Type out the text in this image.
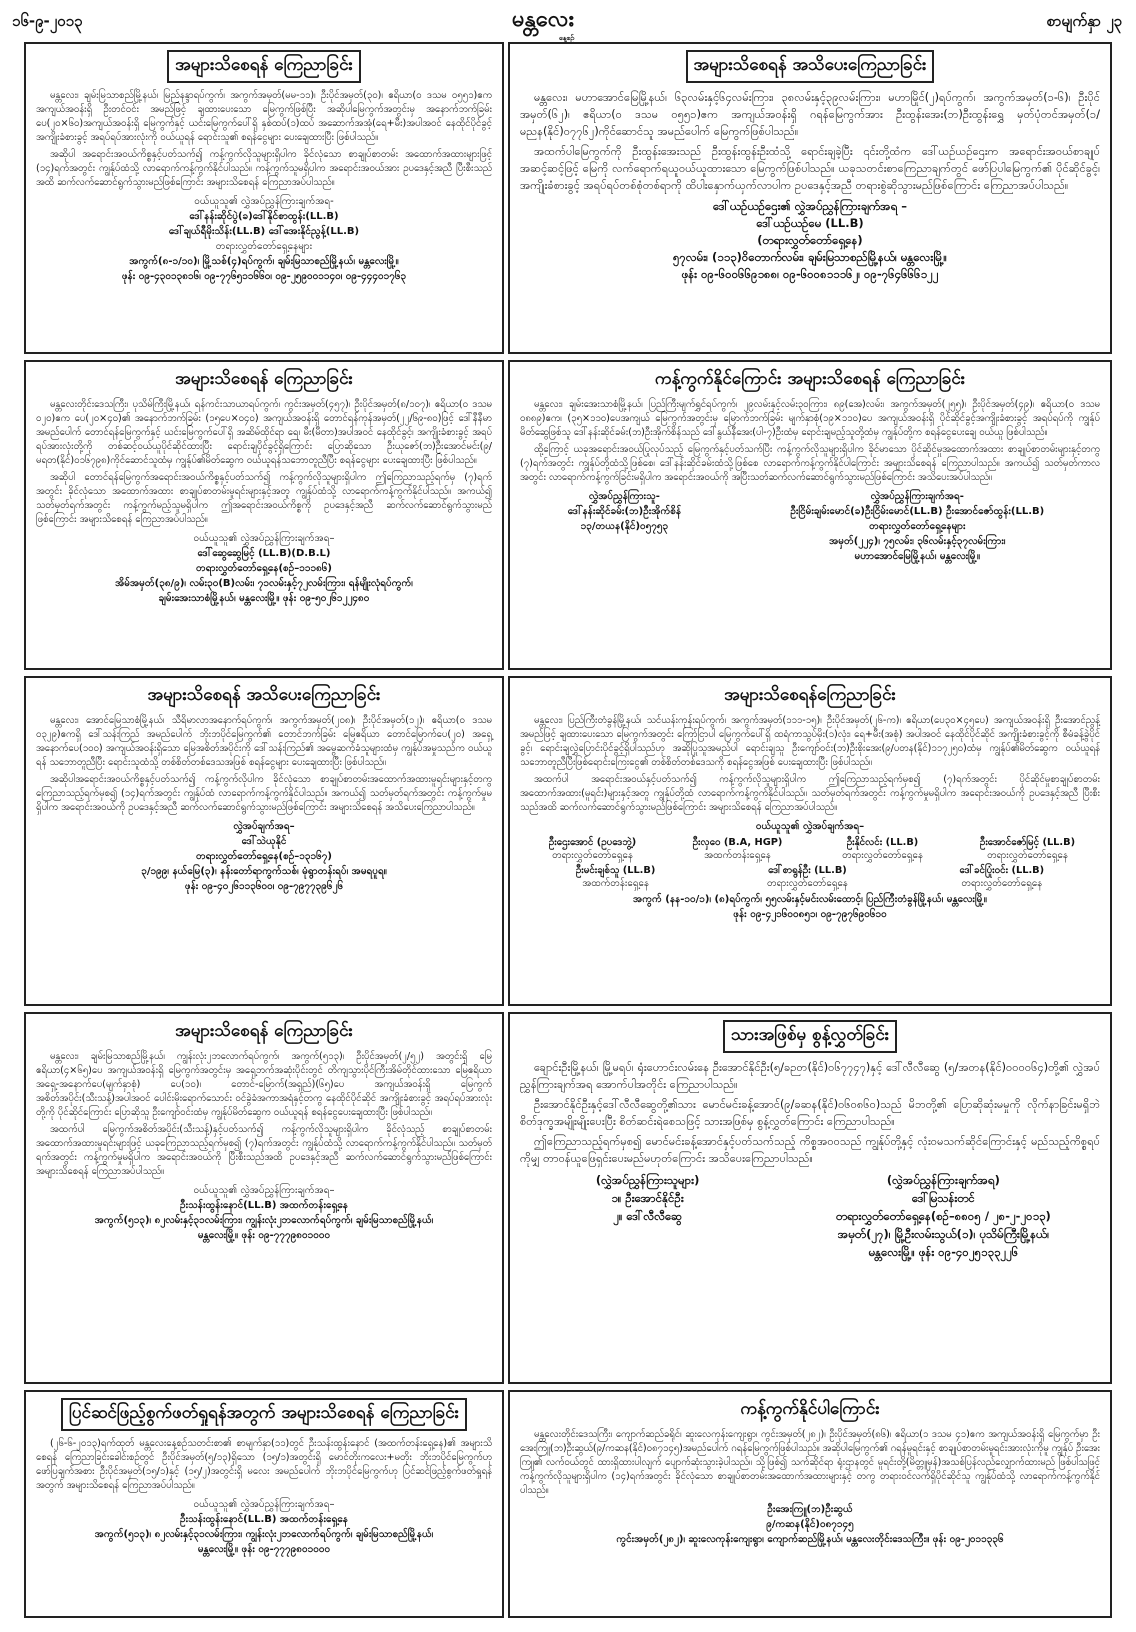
၁၆-၉-၂၀၁၃	မန္တလေး
နေ့စဉ်
စာမျက်နှာ ၂၃
အများသိစေရန် ကြေညာခြင်း

မန္တလေး၊ ချမ်းမြသာစည်မြို့နယ်၊ မြည်နန္ဒာရပ်ကွက်၊ အကွက်အမှတ်(မမ-၁၁)၊ ဦးပိုင်အမှတ်(၃၀)၊ ဧရိယာ(၀ ဒသမ ၀၅၅၁)ဧက အကျယ်အဝန်းရှိ ဦးတင်ဝင်း အမည်ဖြင့် ချထားပေးသော မြေကွက်ဖြစ်ပြီး အဆိုပါမြေကွက်အတွင်းမှ အနောက်ဘက်ခြမ်း ပေ(၂၀×၆၀)အကျယ်အဝန်းရှိ မြေကွက်နှင့် ယင်းမြေကွက်ပေါ်ရှိ နှစ်ထပ်(၁)ထပ် အဆောက်အအုံ(ရေ+မီး)အပါအဝင် နေထိုင်ပိုင်ခွင့်အကျိုးခံစားခွင့် အရပ်ရပ်အားလုံးကို ဝယ်ယူရန် ရောင်းသူ၏ စရန်ငွေများ ပေးချေထားပြီး ဖြစ်ပါသည်။

အဆိုပါ အရောင်းအဝယ်ကိစ္စနှင့်ပတ်သက်၍ ကန့်ကွက်လိုသူများရှိပါက ခိုင်လုံသော စာချုပ်စာတမ်း အထောက်အထားများဖြင့် (၁၄)ရက်အတွင်း ကျွန်ုပ်ထံသို့ လာရောက်ကန့်ကွက်နိုင်ပါသည်။ ကန့်ကွက်သူမရှိပါက အရောင်းအဝယ်အား ဥပဒေနှင့်အညီ ပြီးစီးသည်အထိ ဆက်လက်ဆောင်ရွက်သွားမည်ဖြစ်ကြောင်း အများသိစေရန် ကြေညာအပ်ပါသည်။

ဝယ်ယူသူ၏ လွှဲအပ်ညွှန်ကြားချက်အရ-
ဒေါ်နန်းဆိုင်ပွဲ(ခ)ဒေါ်နိုင်စာထွန်း(LL.B)
ဒေါ်ချယ်ရီမိုးသိန်း(LL.B) ဒေါ်အေးနိုင်ညွန့်(LL.B)
တရားလွှတ်တော်ရှေ့နေများ
အကွက်(၈-၁/၁၀)၊ မြို့သစ်(၄)ရပ်ကွက်၊ ချမ်းမြသာစည်မြို့နယ်၊ မန္တလေးမြို့။
ဖုန်း ၀၉-၄၃၀၁၃၈၁၆၊ ၀၉-၇၇၆၅၁၁၆၆၀၊ ၀၉-၂၅၉၀၀၁၁၄၀၊ ၀၉-၄၄၄၀၁၇၆၃
အများသိစေရန် အသိပေးကြေညာခြင်း

မန္တလေး၊ မဟာအောင်မြေမြို့နယ်၊ ၆၃လမ်းနှင့်၆၄လမ်းကြား၊ ၃၈လမ်းနှင့်၃၉လမ်းကြား၊ မဟာမြိုင်(၂)ရပ်ကွက်၊ အကွက်အမှတ်(၁-၆)၊ ဦးပိုင်အမှတ်(၆၂)၊ ဧရိယာ(၀ ဒသမ ၀၅၅၁)ဧက အကျယ်အဝန်းရှိ ဂရန်မြေကွက်အား ဦးထွန်းအေး(ဘ)ဦးထွန်းရွှေ မှတ်ပုံတင်အမှတ်(၁/မညန(နိုင်)၀၇၇၆၂)ကိုင်ဆောင်သူ အမည်ပေါက် မြေကွက်ဖြစ်ပါသည်။

အထက်ပါမြေကွက်ကို ဦးထွန်းအေးသည် ဦးထွန်းထွန်းဦးထံသို့ ရောင်းချခဲ့ပြီး ၎င်းတို့ထံက ဒေါ်ယဉ်ယဉ်ဌေးက အရောင်းအဝယ်စာချုပ်အဆင့်ဆင့်ဖြင့် မြေကို လက်ရောက်ရယူဝယ်ယူထားသော မြေကွက်ဖြစ်ပါသည်။ ယခုသတင်းစာကြေညာချက်တွင် ဖော်ပြပါမြေကွက်၏ ပိုင်ဆိုင်ခွင့်၊ အကျိုးခံစားခွင့် အရပ်ရပ်တစ်စုံတစ်ရာကို ထိပါးနှောက်ယှက်လာပါက ဥပဒေနှင့်အညီ တရားစွဲဆိုသွားမည်ဖြစ်ကြောင်း ကြေညာအပ်ပါသည်။

ဒေါ်ယဉ်ယဉ်ဌေး၏ လွှဲအပ်ညွှန်ကြားချက်အရ –
ဒေါ်ယဉ်ယဉ်မေ (LL.B)
(တရားလွှတ်တော်ရှေ့နေ)
၅၇လမ်း၊ (၁၁၃)ဝိတောက်လမ်း၊ ချမ်းမြသာစည်မြို့နယ်၊ မန္တလေးမြို့။
ဖုန်း ၀၉-၆၀၀၆၆၉၁၈၈၊ ၀၉-၆၀၀၈၁၁၁၆၂၊ ၀၉-၇၆၄၆၆၆၁၂၂
အများသိစေရန် ကြေညာခြင်း

မန္တလေးတိုင်းဒေသကြီး၊ ပုသိမ်ကြီးမြို့နယ်၊ ရန်ကင်းသာယာရပ်ကွက်၊ ကွင်းအမှတ်(၄၅၇)၊ ဦးပိုင်အမှတ်(၈/၁၀၇)၊ ဧရိယာ(၀ ဒသမ ၀၂၀)ဧက ပေ(၂၀×၄၀)၏ အနောက်ဘက်ခြမ်း (၁၅ပေ×၀၄၀) အကျယ်အဝန်းရှိ တောင်ရန်ကုန်အမှတ်(၂၂/၆၉-၈၀)ဖြင့် ဒေါ်နီနီမာ အမည်ပေါက် တောင်ရန်မြေကွက်နှင့် ယင်းမြေကွက်ပေါ်ရှိ အဆိမ်ထိုင်ရာ ရေ၊ မီး(မီတာ)အပါအဝင် နေထိုင်ခွင့်၊ အကျိုးခံစားခွင့် အရပ်ရပ်အားလုံးတို့ကို တစ်ဆင့်ဝယ်ယူပိုင်ဆိုင်ထားပြီး ရောင်းချပိုင်ခွင့်ရှိကြောင်း ပြောဆိုသော ဦးယုဇော်(ဘ)ဦးအောင်မင်း(၉/မရတ(နိုင်)၀၁၆၇၉၈)ကိုင်ဆောင်သူထံမှ ကျွန်ုပ်၏မိတ်ဆွေက ဝယ်ယူရန်သဘောတူညီပြီး စရန်ငွေများ ပေးချေထားပြီး ဖြစ်ပါသည်။

အဆိုပါ တောင်ရန်မြေကွက်အရောင်းအဝယ်ကိစ္စနှင့်ပတ်သက်၍ ကန့်ကွက်လိုသူများရှိပါက ဤကြေညာသည့်ရက်မှ (၇)ရက်အတွင်း ခိုင်လုံသော အထောက်အထား စာချုပ်စာတမ်းမူရင်းများနှင့်အတူ ကျွန်ုပ်ထံသို့ လာရောက်ကန့်ကွက်နိုင်ပါသည်။ အကယ်၍ သတ်မှတ်ရက်အတွင်း ကန့်ကွက်မည့်သူမရှိပါက ဤအရောင်းအဝယ်ကိစ္စကို ဥပဒေနှင့်အညီ ဆက်လက်ဆောင်ရွက်သွားမည်ဖြစ်ကြောင်း အများသိစေရန် ကြေညာအပ်ပါသည်။

ဝယ်ယူသူ၏ လွှဲအပ်ညွှန်ကြားချက်အရ–
ဒေါ်ဆွေဆွေမြင့် (LL.B)(D.B.L)
တရားလွှတ်တော်ရှေ့နေ(စဉ်–၁၁၁၈၆)
အိမ်အမှတ်(၃၈/၉)၊ လမ်း၃၀(B)လမ်း၊ ၇၁လမ်းနှင့်၇၂လမ်းကြား၊ ရန်မျိုးလုံရပ်ကွက်၊
ချမ်းအေးသာစံမြို့နယ်၊ မန္တလေးမြို့။ ဖုန်း ၀၉-၅၀၂၆၁၂၂၄၈၀
ကန့်ကွက်နိုင်ကြောင်း အများသိစေရန် ကြေညာခြင်း

မန္တလေး၊ ချမ်းအေးသာစံမြို့နယ်၊ ပြည်ကြီးမျက်ရွှင်ရပ်ကွက်၊ ၂၉လမ်းနှင့်လမ်း၃၀ကြား၊ ၈၉(အေ)လမ်း၊ အကွက်အမှတ်(၂၅၅)၊ ဦးပိုင်အမှတ်(၄၉)၊ ဧရိယာ(၀ ဒသမ ၀၈၈၉)ဧက၊ (၃၅×၁၁၀)ပေအကျယ် မြေကွက်အတွင်းမှ မြောက်ဘက်ခြမ်း မျက်နှာစုံ(၁၉×၁၁၀)ပေ အကျယ်အဝန်းရှိ ပိုင်ဆိုင်ခွင့်အကျိုးခံစားခွင့် အရပ်ရပ်ကို ကျွန်ုပ်မိတ်ဆွေဖြစ်သူ ဒေါ်နန်းဆိုင်ခမ်း(ဘ)ဦးအိုက်စိန်သည် ဒေါ်နွယ်နီအေး(ပါ-၇)ဦးထံမှ ရောင်းချမည့်သူတို့ထံမှ ကျွန်ုပ်တို့က စရန်ငွေပေးချေ ဝယ်ယူ ဖြစ်ပါသည်။

ထို့ကြောင့် ယခုအရောင်းအဝယ်ပြုလုပ်သည့် မြေကွက်နှင့်ပတ်သက်ပြီး ကန့်ကွက်လိုသူများရှိပါက ခိုင်မာသော ပိုင်ဆိုင်မှုအထောက်အထား စာချုပ်စာတမ်းများနှင့်တကွ (၇)ရက်အတွင်း ကျွန်ုပ်တို့ထံသို့ဖြစ်စေ၊ ဒေါ်နန်းဆိုင်ခမ်းထံသို့ဖြစ်စေ လာရောက်ကန့်ကွက်နိုင်ပါကြောင်း အများသိစေရန် ကြေညာပါသည်။ အကယ်၍ သတ်မှတ်ကာလအတွင်း လာရောက်ကန့်ကွက်ခြင်းမရှိပါက အရောင်းအဝယ်ကို အပြီးသတ်ဆက်လက်ဆောင်ရွက်သွားမည်ဖြစ်ကြောင်း အသိပေးအပ်ပါသည်။

လွှဲအပ်ညွှန်ကြားသူ-
ဒေါ်နန်းဆိုင်ခမ်း(ဘ)ဦးအိုက်စိန်
၁၃/တယန(နိုင်)၀၅၇၅၃
လွှဲအပ်ညွှန်ကြားချက်အရ-
ဦးငြိမ်းချမ်းမောင်(ခ)ဦးငြိမ်းမောင်(LL.B) ဦးအောင်ဇော်ထွန်း(LL.B)
တရားလွှတ်တော်ရှေ့နေများ
အမှတ်(၂၂၄)၊ ၇၅လမ်း၊ ၃၆လမ်းနှင့်၃၇လမ်းကြား၊
မဟာအောင်မြေမြို့နယ်၊ မန္တလေးမြို့။
အများသိစေရန် အသိပေးကြေညာခြင်း

မန္တလေး၊ အောင်မြေသာစံမြို့နယ်၊ သီရိမာလာအနောက်ရပ်ကွက်၊ အကွက်အမှတ်(၂၀၈)၊ ဦးပိုင်အမှတ်(၁၂)၊ ဧရိယာ(၀ ဒသမ ၀၃၂၉)ဧကရှိ ဒေါ်သန်းကြည် အမည်ပေါက် ဘိုးဘပိုင်မြေကွက်၏ တောင်ဘက်ခြမ်း မြေဧရိယာ တောင်မြောက်ပေ(၂၀) အရှေ့အနောက်ပေ(၁၀၀) အကျယ်အဝန်းရှိသော မြေအစိတ်အပိုင်းကို ဒေါ်သန်းကြည်၏ အမွေဆက်ခံသူများထံမှ ကျွန်ုပ်အမှုသည်က ဝယ်ယူရန် သဘောတူညီပြီး ရောင်းသူထံသို့ တစ်စိတ်တစ်ဒေသအဖြစ် စရန်ငွေများ ပေးချေထားပြီး ဖြစ်ပါသည်။

အဆိုပါအရောင်းအဝယ်ကိစ္စနှင့်ပတ်သက်၍ ကန့်ကွက်လိုပါက ခိုင်လုံသော စာချုပ်စာတမ်းအထောက်အထားမူရင်းများနှင့်တကွ ကြေညာသည့်ရက်မှစ၍ (၁၄)ရက်အတွင်း ကျွန်ုပ်ထံ လာရောက်ကန့်ကွက်နိုင်ပါသည်။ အကယ်၍ သတ်မှတ်ရက်အတွင်း ကန့်ကွက်မှုမရှိပါက အရောင်းအဝယ်ကို ဥပဒေနှင့်အညီ ဆက်လက်ဆောင်ရွက်သွားမည်ဖြစ်ကြောင်း အများသိစေရန် အသိပေးကြေညာပါသည်။

လွှဲအပ်ချက်အရ–
ဒေါ်သဲယုနိုင်
တရားလွှတ်တော်ရှေ့နေ(စဉ်–၁၃၁၆၇)
၃/၁၉၉၊ နယ်မြေ(၃)၊ နန်းတော်ရာကွက်သစ်၊ မုံရွာတန်းရပ်၊ အမရပူရ။
ဖုန်း ၀၉-၄၀၂၆၁၁၃၆၀၀၊ ၀၉-၇၉၇၇၃၉၆၂၆
အများသိစေရန်ကြေညာခြင်း

မန္တလေး၊ ပြည်ကြီးတံခွန်မြို့နယ်၊ သင်ယန်းကုန်းရပ်ကွက်၊ အကွက်အမှတ်(၁၁၁-၁၅)၊ ဦးပိုင်အမှတ်(၂၆-က)၊ ဧရိယာ(ပေ၃၀×၄၅ပေ) အကျယ်အဝန်းရှိ ဦးအောင်ညွန့် အမည်ဖြင့် ချထားပေးသော မြေကွက်အတွင်း ကြော်ငြာပါ မြေကွက်ပေါ်ရှိ ထရံကာသွပ်မိုး(၁)လုံး၊ ရေ+မီး(အစုံ) အပါအဝင် နေထိုင်ပိုင်ဆိုင် အကျိုးခံစားခွင့်ကို စီမံခန့်ခွဲပိုင်ခွင့်၊ ရောင်းချလွှဲပြောင်းပိုင်ခွင့်ရှိပါသည်ဟု အဆိုပြုသူအမည်ပါ ရောင်းချသူ ဦးကျော်ဝင်း(ဘ)ဦးစိုးအေး(၉/ပတန(နိုင်)၁၁၇၂၅၀)ထံမှ ကျွန်ုပ်၏မိတ်ဆွေက ဝယ်ယူရန် သဘောတူညီပြီးဖြစ်ရောင်းကြေးငွေ၏ တစ်စိတ်တစ်ဒေသကို စရန်ငွေအဖြစ် ပေးချေထားပြီး ဖြစ်ပါသည်။

အထက်ပါ အရောင်းအဝယ်နှင့်ပတ်သက်၍ ကန့်ကွက်လိုသူများရှိပါက ဤကြေညာသည့်ရက်မှစ၍ (၇)ရက်အတွင်း ပိုင်ဆိုင်မှုစာချုပ်စာတမ်း အထောက်အထား(မူရင်း)များနှင့်အတူ ကျွန်ုပ်တို့ထံ လာရောက်ကန့်ကွက်နိုင်ပါသည်။ သတ်မှတ်ရက်အတွင်း ကန့်ကွက်မှုမရှိပါက အရောင်းအဝယ်ကို ဥပဒေနှင့်အညီ ပြီးစီးသည်အထိ ဆက်လက်ဆောင်ရွက်သွားမည်ဖြစ်ကြောင်း အများသိစေရန် ကြေညာအပ်ပါသည်။

ဝယ်ယူသူ၏ လွှဲအပ်ချက်အရ–
ဦးဌေးအောင် (ဥပဒေဘွဲ့)
တရားလွှတ်တော်ရှေ့နေ
ဦးလှဝေ (B.A, HGP)
အထက်တန်းရှေ့နေ
ဦးနိုင်လင်း (LL.B)
တရားလွှတ်တော်ရှေ့နေ
ဦးအောင်ဇော်မြင့် (LL.B)
တရားလွှတ်တော်ရှေ့နေ
ဦးမင်းချစ်သူ (LL.B)
အထက်တန်းရှေ့နေ
ဒေါ်စာရွန်ဦး (LL.B)
တရားလွှတ်တော်ရှေ့နေ
ဒေါ်ခင်ပြုံးဝင်း (LL.B)
တရားလွှတ်တော်ရှေ့နေ
အကွက် (နန-၁၀/၁)၊ (၈)ရပ်ကွက်၊ ၅၅လမ်းနှင့်မင်းလမ်းထောင့်၊ ပြည်ကြီးတံခွန်မြို့နယ်၊ မန္တလေးမြို့။
ဖုန်း ၀၉-၄၂၁၆၀၀၈၅၁၊ ၀၉-၇၉၇၆၉၀၆၁၀
အများသိစေရန် ကြေညာခြင်း

မန္တလေး၊ ချမ်းမြသာစည်မြို့နယ်၊ ကျွန်းလုံး၂ဘလောက်ရပ်ကွက်၊ အကွက်(၅၁၃)၊ ဦးပိုင်အမှတ်(၂/၅၂) အတွင်းရှိ မြေဧရိယာ(၄×၆၅)ပေ အကျယ်အဝန်းရှိ မြေကွက်အတွင်းမှ အရှေ့ဘက်အဆုံးပိုင်းတွင် တိကျသွားပိုင်ကြီးအိမ်တိုင်ထားသော မြေဧရိယာ အရှေ့-အနောက်ပေ(မျက်နှာစုံ) ပေ(၁၀)၊ တောင်-မြောက်(အရှည်)(၆၅)ပေ အကျယ်အဝန်းရှိ မြေကွက်အစိတ်အပိုင်း(သီးသန့်)အပါအဝင် ပေါင်းမိုးရောက်သောင်း ဝင်ခွဲခံအကာအရံနှင့်တကွ နေထိုင်ပိုင်ဆိုင် အကျိုးခံစားခွင့် အရပ်ရပ်အားလုံးတို့ကို ပိုင်ဆိုင်ကြောင်း ပြောဆိုသူ ဦးကျော်ဝင်းထံမှ ကျွန်ုပ်မိတ်ဆွေက ဝယ်ယူရန် စရန်ငွေပေးချေထားပြီး ဖြစ်ပါသည်။

အထက်ပါ မြေကွက်အစိတ်အပိုင်း(သီးသန့်)နှင့်ပတ်သက်၍ ကန့်ကွက်လိုသူများရှိပါက ခိုင်လုံသည့် စာချုပ်စာတမ်း အထောက်အထားမူရင်းများဖြင့် ယခုကြေညာသည့်ရက်မှစ၍ (၇)ရက်အတွင်း ကျွန်ုပ်ထံသို့ လာရောက်ကန့်ကွက်နိုင်ပါသည်။ သတ်မှတ်ရက်အတွင်း ကန့်ကွက်မှုမရှိပါက အရောင်းအဝယ်ကို ပြီးစီးသည်အထိ ဥပဒေနှင့်အညီ ဆက်လက်ဆောင်ရွက်သွားမည်ဖြစ်ကြောင်း အများသိစေရန် ကြေညာအပ်ပါသည်။

ဝယ်ယူသူ၏ လွှဲအပ်ညွှန်ကြားချက်အရ–
ဦးသန်းထွန်းနောင်(LL.B) အထက်တန်းရှေ့နေ
အကွက်(၅၁၃)၊ ၈၂လမ်းနှင့်၃၁လမ်းကြား၊ ကျွန်းလုံး၂ဘလောက်ရပ်ကွက်၊ ချမ်းမြသာစည်မြို့နယ်၊
မန္တလေးမြို့။ ဖုန်း ၀၉-၇၇၇၉၈၀၁၀၀၀
သားအဖြစ်မှ စွန့်လွှတ်ခြင်း

ချောင်းဦးမြို့နယ်၊ မြို့မရပ်၊ ရုံးဟောင်းလမ်းနေ ဦးအောင်နိုင်ဦး(၅/ခဉတ(နိုင်)၀၆၇၇၄၇)နှင့် ဒေါ်လီလီဆွေ (၅/အတန(နိုင်)၀၀၀၀၆၄)တို့၏ လွှဲအပ်ညွှန်ကြားချက်အရ အောက်ပါအတိုင်း ကြေညာပါသည်။

ဦးအောင်နိုင်ဦးနှင့်ဒေါ်လီလီဆွေတို့၏သား မောင်မင်းခန့်အောင်(၉/ခဆန(နိုင်)၀၆၀၈၆၀)သည် မိဘတို့၏ ပြောဆိုဆုံးမမှုကို လိုက်နာခြင်းမရှိဘဲ စိတ်ဒုက္ခအမျိုးမျိုးပေးပြီး စိတ်ဆင်းရဲစေသဖြင့် သားအဖြစ်မှ စွန့်လွှတ်ကြောင်း ကြေညာပါသည်။

ဤကြေညာသည့်ရက်မှစ၍ မောင်မင်းခန့်အောင်နှင့်ပတ်သက်သည့် ကိစ္စအဝဝသည် ကျွန်ုပ်တို့နှင့် လုံးဝမသက်ဆိုင်ကြောင်းနှင့် မည်သည့်ကိစ္စရပ်ကိုမျှ တာဝန်ယူဖြေရှင်းပေးမည်မဟုတ်ကြောင်း အသိပေးကြေညာပါသည်။

(လွှဲအပ်ညွှန်ကြားသူများ)
၁။ ဦးအောင်နိုင်ဦး
၂။ ဒေါ်လီလီဆွေ
(လွှဲအပ်ညွှန်ကြားချက်အရ)
ဒေါ်မြသန်းတင်
တရားလွှတ်တော်ရှေ့နေ(စဉ်–၈၈၀၅ / ၂၈-၂-၂၀၁၃)
အမှတ်(၂၇)၊ မြို့ဦးလမ်းသွယ်(၁)၊ ပုသိမ်ကြီးမြို့နယ်၊
မန္တလေးမြို့။ ဖုန်း ၀၉-၄၀၂၅၁၃၃၂၂၆
ပြင်ဆင်ဖြည့်စွက်ဖတ်ရှုရန်အတွက် အများသိစေရန် ကြေညာခြင်း

(၂၆-၆-၂၀၁၃)ရက်ထုတ် မန္တလေးနေ့စဉ်သတင်းစာ၏ စာမျက်နှာ(၁၁)တွင် ဦးသန်းထွန်းနောင် (အထက်တန်းရှေ့နေ)၏ အများသိစေရန် ကြေညာခြင်းခေါင်းစဉ်တွင် ဦးပိုင်အမှတ်(၅/၁၃)ရှိသော (၁၅/၁)အတွင်းရှိ မောင်တိုးကလေး+မတိုး ဘိုးဘပိုင်မြေကွက်ဟု ဖော်ပြချက်အစား ဦးပိုင်အမှတ်(၁၅/၁)နှင့် (၁၅/၂)အတွင်းရှိ မလေး အမည်ပေါက် ဘိုးဘပိုင်မြေကွက်ဟု ပြင်ဆင်ဖြည့်စွက်ဖတ်ရှုရန်အတွက် အများသိစေရန် ကြေညာအပ်ပါသည်။

ဝယ်ယူသူ၏ လွှဲအပ်ညွှန်ကြားချက်အရ–
ဦးသန်းထွန်းနောင်(LL.B) အထက်တန်းရှေ့နေ
အကွက်(၅၁၃)၊ ၈၂လမ်းနှင့်၃၁လမ်းကြား၊ ကျွန်းလုံး၂ဘလောက်ရပ်ကွက်၊ ချမ်းမြသာစည်မြို့နယ်၊
မန္တလေးမြို့။ ဖုန်း ၀၉-၇၇၇၉၈၀၁၀၀၀
ကန့်ကွက်နိုင်ပါကြောင်း

မန္တလေးတိုင်းဒေသကြီး၊ ကျောက်ဆည်ခရိုင်၊ ဆူးလေကုန်းကျေးရွာ၊ ကွင်းအမှတ်(၂၈၂)၊ ဦးပိုင်အမှတ်(၈၆)၊ ဧရိယာ(၁ ဒသမ ၄၁)ဧက အကျယ်အဝန်းရှိ မြေကွက်မှာ ဦးအေးကြူ(ဘ)ဦးဆွယ်(၉/ကဆန(နိုင်)၀၈၇၁၄၅)အမည်ပေါက် ဂရန်မြေကွက်ဖြစ်ပါသည်။ အဆိုပါမြေကွက်၏ ဂရန်မူရင်းနှင့် စာချုပ်စာတမ်းမူရင်းအားလုံးကိုမူ ကျွန်ုပ် ဦးအေးကြူ၏ လက်ဝယ်တွင် ထားရှိထားပါလျက် ပျောက်ဆုံးသွားခဲ့ပါသည်။ သို့ဖြစ်၍ သက်ဆိုင်ရာ ရုံးဌာနတွင် မူရင်းတို့(မိတ္တူမှန်)အသစ်ပြန်လည်လျှောက်ထားမည် ဖြစ်ပါသဖြင့် ကန့်ကွက်လိုသူများရှိပါက (၁၄)ရက်အတွင်း ခိုင်လုံသော စာချုပ်စာတမ်းအထောက်အထားများနှင့် တကွ တရားဝင်လက်ရှိပိုင်ဆိုင်သူ ကျွန်ုပ်ထံသို့ လာရောက်ကန့်ကွက်နိုင်ပါသည်။

ဦးအေးကြူ(ဘ)ဦးဆွယ်
၉/ကဆန(နိုင်)၀၈၇၁၄၅
ကွင်းအမှတ်(၂၈၂)၊ ဆူးလေကုန်းကျေးရွာ၊ ကျောက်ဆည်မြို့နယ်၊ မန္တလေးတိုင်းဒေသကြီး။ ဖုန်း ၀၉-၂၀၁၁၃၃၆
